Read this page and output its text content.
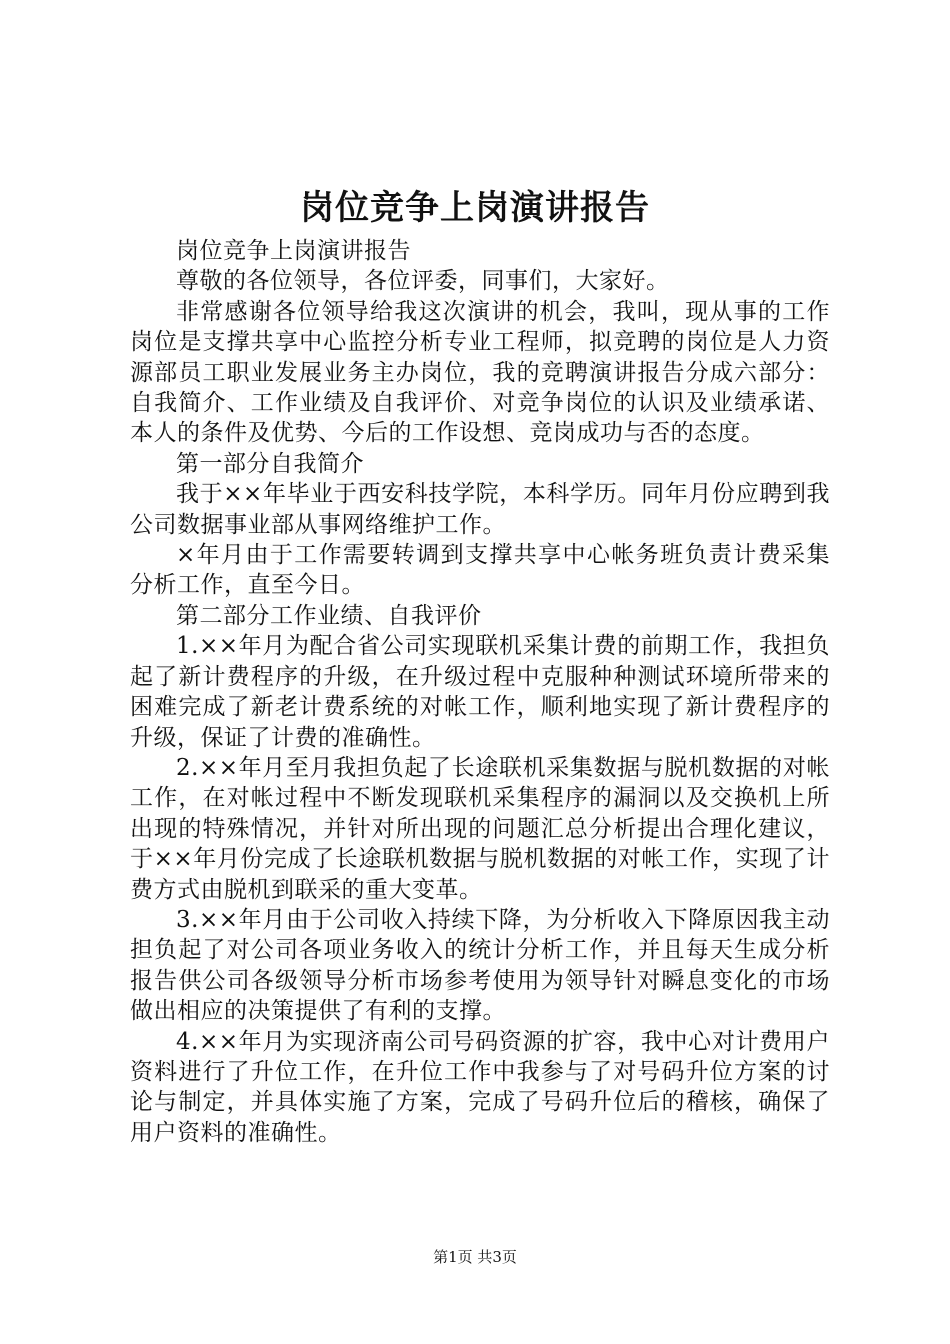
岗位竞争上岗演讲报告

岗位竞争上岗演讲报告

尊敬的各位领导，各位评委，同事们，大家好。

非常感谢各位领导给我这次演讲的机会，我叫，现从事的工作岗位是支撑共享中心监控分析专业工程师，拟竞聘的岗位是人力资源部员工职业发展业务主办岗位，我的竞聘演讲报告分成六部分：自我简介、工作业绩及自我评价、对竞争岗位的认识及业绩承诺、本人的条件及优势、今后的工作设想、竞岗成功与否的态度。

第一部分自我简介

我于××年毕业于西安科技学院，本科学历。同年月份应聘到我公司数据事业部从事网络维护工作。

×年月由于工作需要转调到支撑共享中心帐务班负责计费采集分析工作，直至今日。

第二部分工作业绩、自我评价

1.××年月为配合省公司实现联机采集计费的前期工作，我担负起了新计费程序的升级，在升级过程中克服种种测试环境所带来的困难完成了新老计费系统的对帐工作，顺利地实现了新计费程序的升级，保证了计费的准确性。

2.××年月至月我担负起了长途联机采集数据与脱机数据的对帐工作，在对帐过程中不断发现联机采集程序的漏洞以及交换机上所出现的特殊情况，并针对所出现的问题汇总分析提出合理化建议，于××年月份完成了长途联机数据与脱机数据的对帐工作，实现了计费方式由脱机到联采的重大变革。

3.××年月由于公司收入持续下降，为分析收入下降原因我主动担负起了对公司各项业务收入的统计分析工作，并且每天生成分析报告供公司各级领导分析市场参考使用为领导针对瞬息变化的市场做出相应的决策提供了有利的支撑。

4.××年月为实现济南公司号码资源的扩容，我中心对计费用户资料进行了升位工作，在升位工作中我参与了对号码升位方案的讨论与制定，并具体实施了方案，完成了号码升位后的稽核，确保了用户资料的准确性。

第1页 共3页
